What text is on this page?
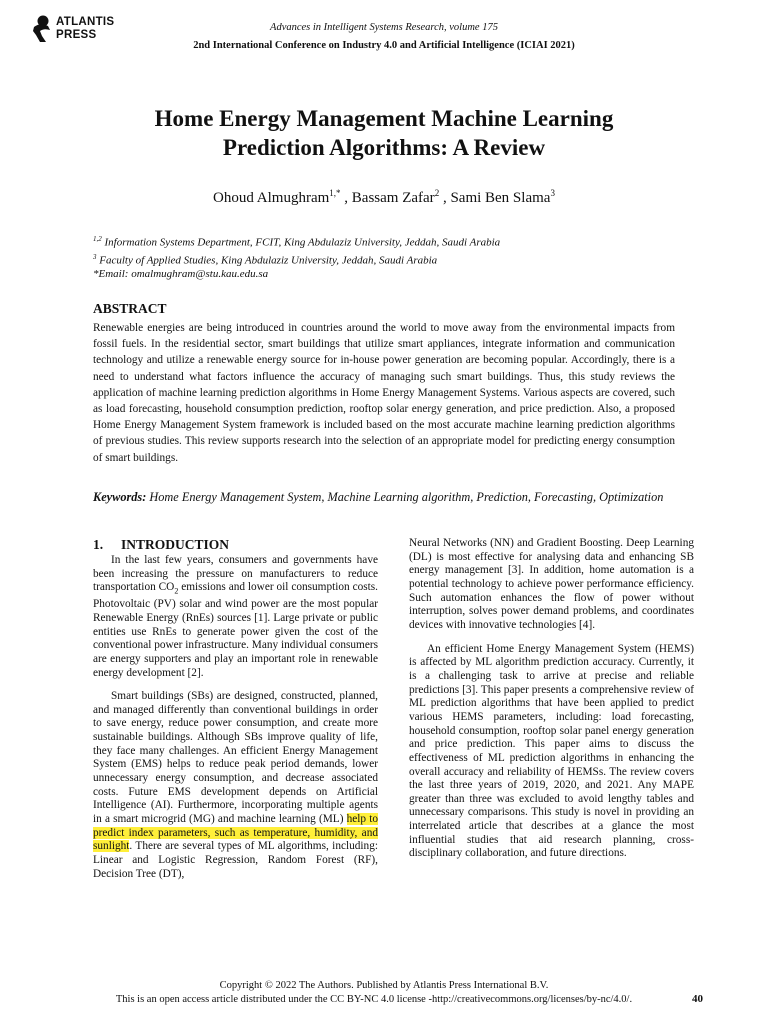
ATLANTIS
PRESS
Advances in Intelligent Systems Research, volume 175
2nd International Conference on Industry 4.0 and Artificial Intelligence (ICIAI 2021)
Home Energy Management Machine Learning
Prediction Algorithms: A Review
Ohoud Almughram$^{1,*}$ , Bassam Zafar$^2$ , Sami Ben Slama$^3$
$^{1,2}$ Information Systems Department, FCIT, King Abdulaziz University, Jeddah, Saudi Arabia
$^3$ Faculty of Applied Studies, King Abdulaziz University, Jeddah, Saudi Arabia
*Email: omalmughram@stu.kau.edu.sa
ABSTRACT
Renewable energies are being introduced in countries around the world to move away from the environmental impacts from fossil fuels. In the residential sector, smart buildings that utilize smart appliances, integrate information and communication technology and utilize a renewable energy source for in-house power generation are becoming popular. Accordingly, there is a need to understand what factors influence the accuracy of managing such smart buildings. Thus, this study reviews the application of machine learning prediction algorithms in Home Energy Management Systems. Various aspects are covered, such as load forecasting, household consumption prediction, rooftop solar energy generation, and price prediction. Also, a proposed Home Energy Management System framework is included based on the most accurate machine learning prediction algorithms of previous studies. This review supports research into the selection of an appropriate model for predicting energy consumption of smart buildings.
Keywords: Home Energy Management System, Machine Learning algorithm, Prediction, Forecasting, Optimization
1. INTRODUCTION

In the last few years, consumers and governments have been increasing the pressure on manufacturers to reduce transportation $CO_2$ emissions and lower oil consumption costs. Photovoltaic (PV) solar and wind power are the most popular Renewable Energy (RnEs) sources [1]. Large private or public entities use RnEs to generate power given the cost of the conventional power infrastructure. Many individual consumers are energy supporters and play an important role in renewable energy development [2].

Smart buildings (SBs) are designed, constructed, planned, and managed differently than conventional buildings in order to save energy, reduce power consumption, and create more sustainable buildings. Although SBs improve quality of life, they face many challenges. An efficient Energy Management System (EMS) helps to reduce peak period demands, lower unnecessary energy consumption, and decrease associated costs. Future EMS development depends on Artificial Intelligence (AI). Furthermore, incorporating multiple agents in a smart microgrid (MG) and machine learning (ML) help to predict index parameters, such as temperature, humidity, and sunlight. There are several types of ML algorithms, including: Linear and Logistic Regression, Random Forest (RF), Decision Tree (DT),

Neural Networks (NN) and Gradient Boosting. Deep Learning (DL) is most effective for analysing data and enhancing SB energy management [3]. In addition, home automation is a potential technology to achieve power performance efficiency. Such automation enhances the flow of power without interruption, solves power demand problems, and coordinates devices with innovative technologies [4].

An efficient Home Energy Management System (HEMS) is affected by ML algorithm prediction accuracy. Currently, it is a challenging task to arrive at precise and reliable predictions [3]. This paper presents a comprehensive review of ML prediction algorithms that have been applied to predict various HEMS parameters, including: load forecasting, household consumption, rooftop solar panel energy generation and price prediction. This paper aims to discuss the effectiveness of ML prediction algorithms in enhancing the overall accuracy and reliability of HEMSs. The review covers the last three years of 2019, 2020, and 2021. Any MAPE greater than three was excluded to avoid lengthy tables and unnecessary comparisons. This study is novel in providing an interrelated article that describes at a glance the most influential studies that aid research planning, cross-disciplinary collaboration, and future directions.

Copyright © 2022 The Authors. Published by Atlantis Press International B.V.
This is an open access article distributed under the CC BY-NC 4.0 license -http://creativecommons.org/licenses/by-nc/4.0/.	40
